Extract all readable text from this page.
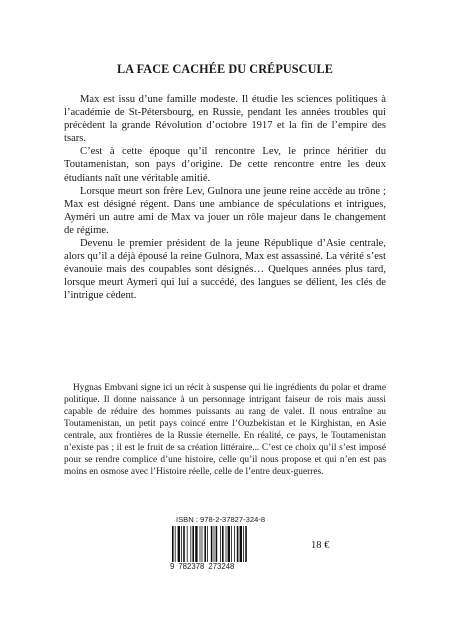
LA FACE CACHÉE DU CRÉPUSCULE

Max est issu d’une famille modeste. Il étudie les sciences politiques à l’académie de St-Pétersbourg, en Russie, pendant les années troubles qui précèdent la grande Révolution d’octobre 1917 et la fin de l’empire des tsars.

C’est à cette époque qu’il rencontre Lev, le prince héritier du Toutamenistan, son pays d’origine. De cette rencontre entre les deux étudiants naît une véritable amitié.

Lorsque meurt son frère Lev, Gulnora une jeune reine accède au trône ; Max est désigné régent. Dans une ambiance de spéculations et intrigues, Ayméri un autre ami de Max va jouer un rôle majeur dans le changement de régime.

Devenu le premier président de la jeune République d’Asie centrale, alors qu’il a déjà épousé la reine Gulnora, Max est assassiné. La vérité s’est évanouie mais des coupables sont désignés… Quelques années plus tard, lorsque meurt Aymeri qui lui a succédé, des langues se délient, les clés de l’intrigue cèdent.

Hygnas Embvani signe ici un récit à suspense qui lie ingrédients du polar et drame politique. Il donne naissance à un personnage intrigant faiseur de rois mais aussi capable de réduire des hommes puissants au rang de valet. Il nous entraîne au Toutamenistan, un petit pays coincé entre l’Ouzbekistan et le Kirghistan, en Asie centrale, aux frontières de la Russie éternelle. En réalité, ce pays, le Toutamenistan n’existe pas ; il est le fruit de sa création littéraire... C’est ce choix qu’il s’est imposé pour se rendre complice d’une histoire, celle qu’il nous propose et qui n’en est pas moins en osmose avec l’Histoire réelle, celle de l’entre deux-guerres.

ISBN : 978-2-37827-324-8
9 782378 273248
18 €
